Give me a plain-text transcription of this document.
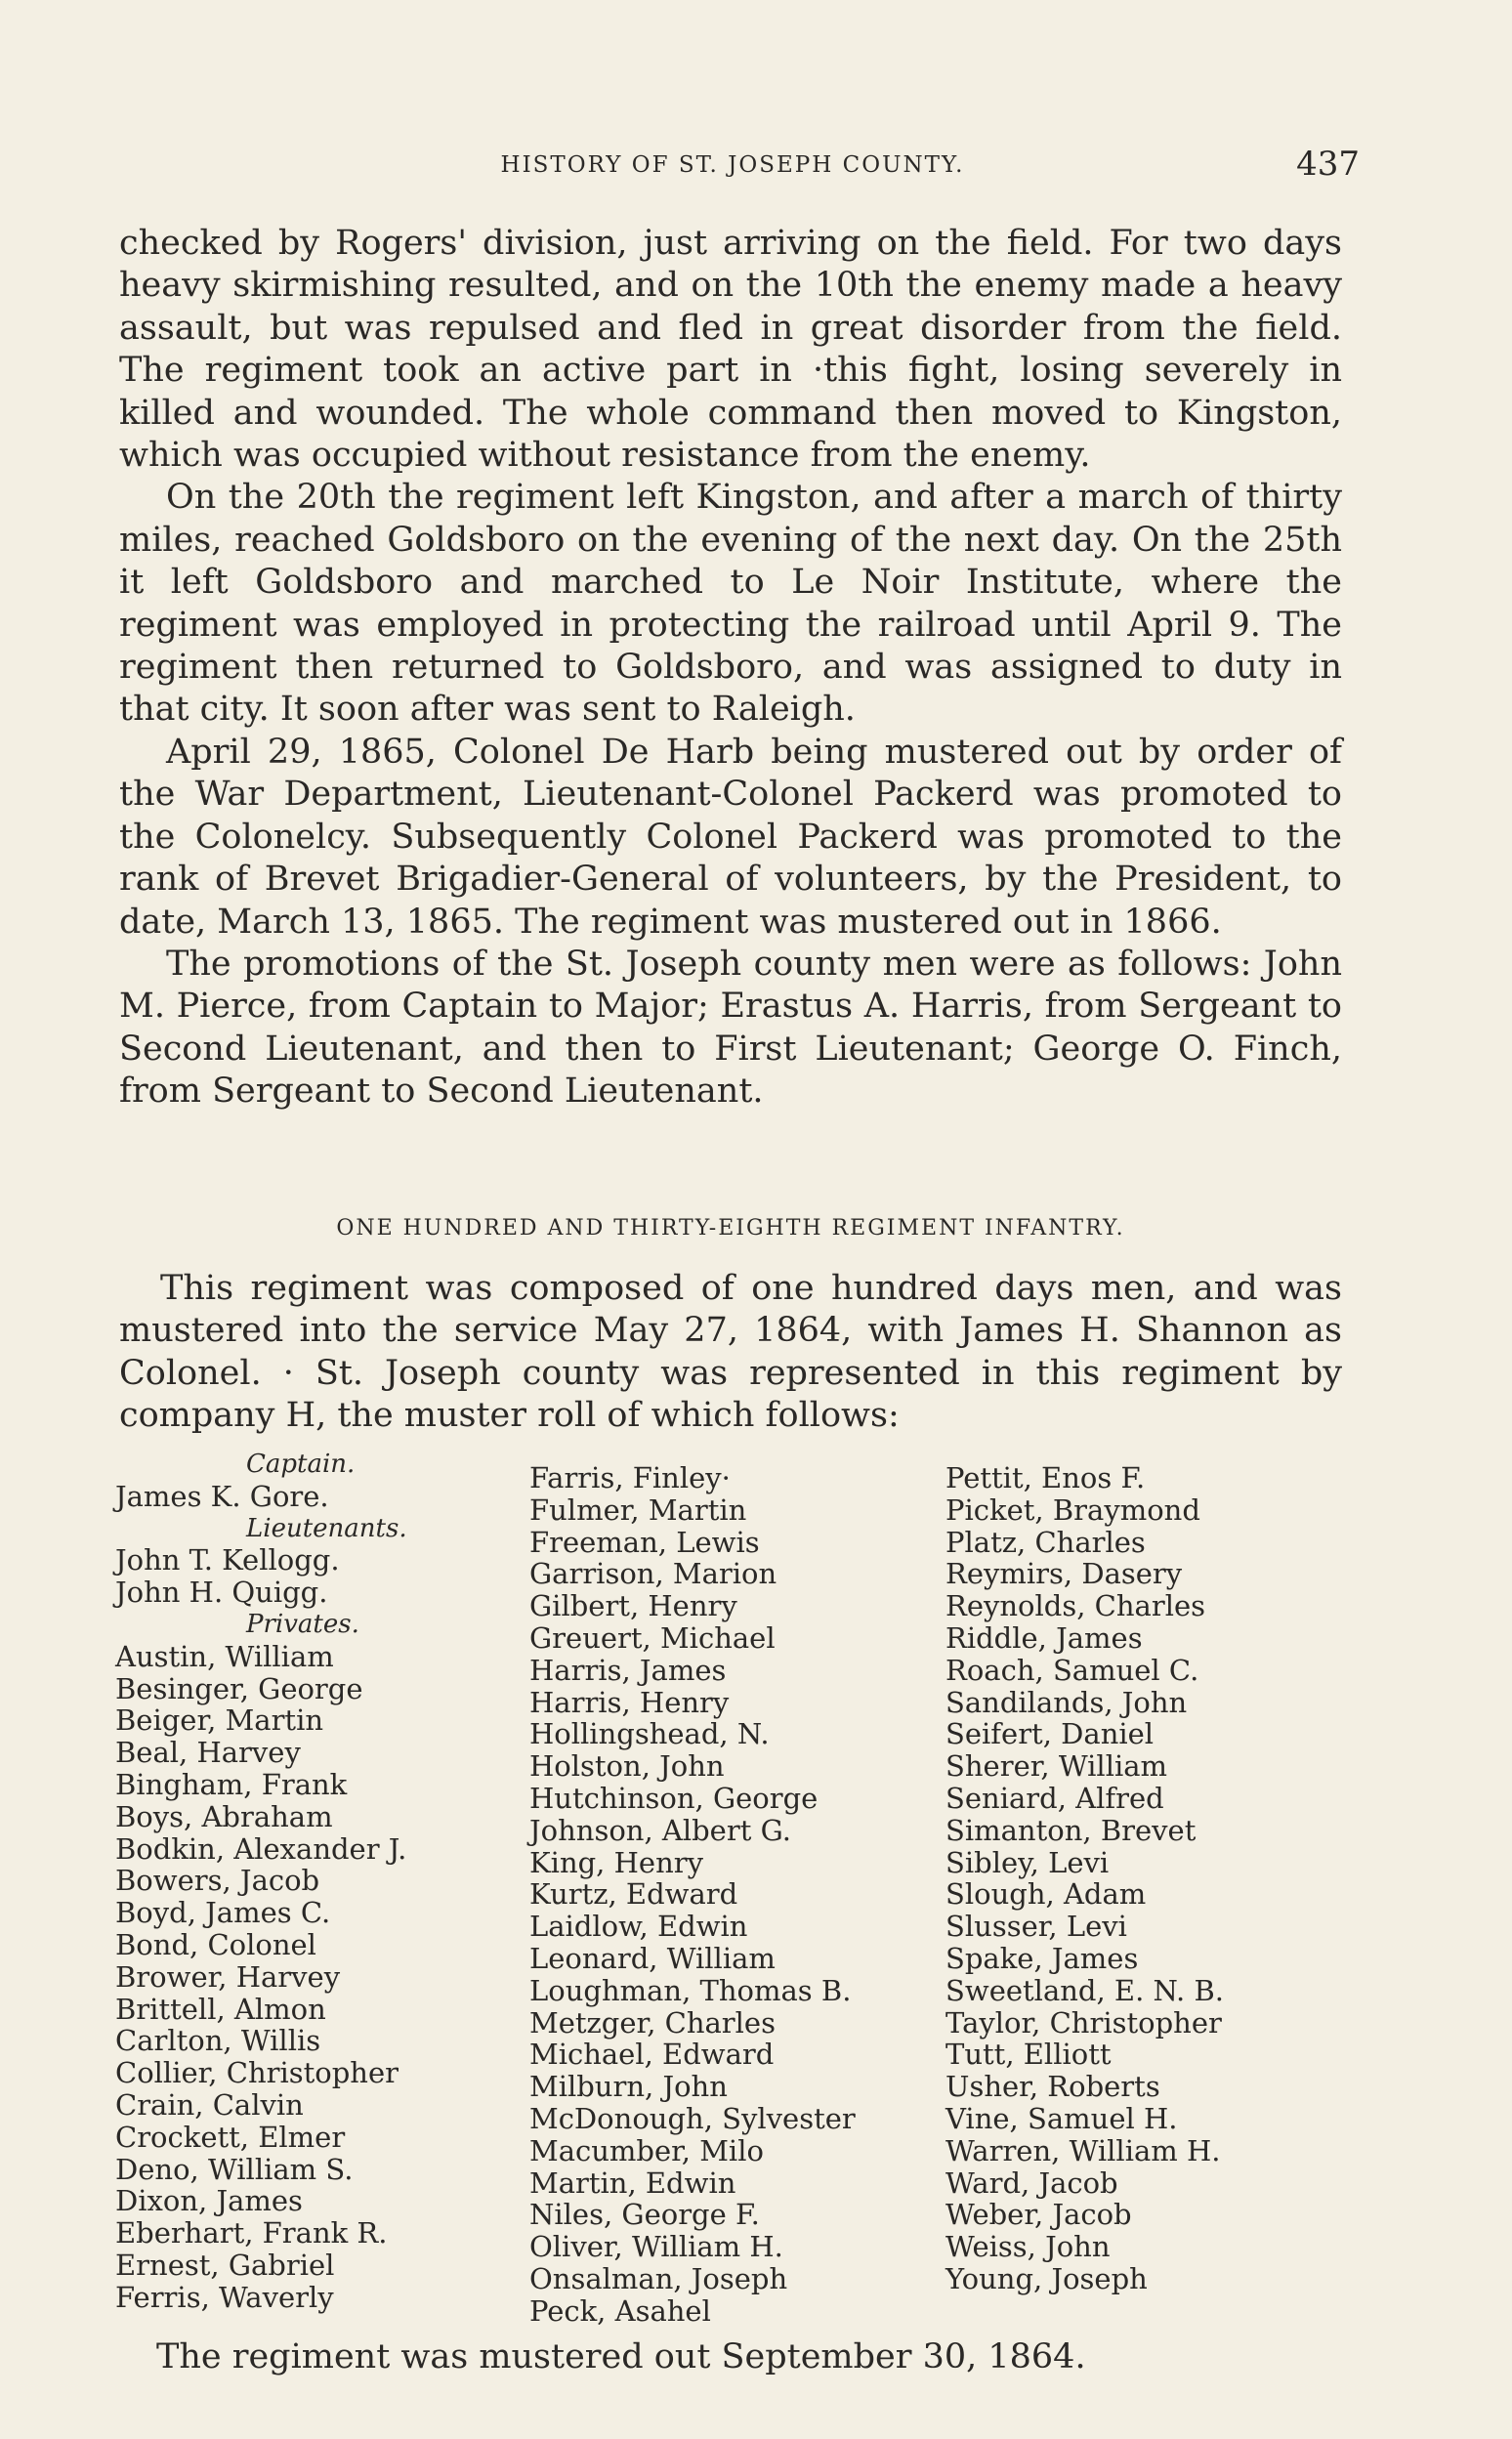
HISTORY OF ST. JOSEPH COUNTY.	437

checked by Rogers' division, just arriving on the field. For two days heavy skirmishing resulted, and on the 10th the enemy made a heavy assault, but was repulsed and fled in great disorder from the field. The regiment took an active part in ·this fight, losing severely in killed and wounded. The whole command then moved to Kingston, which was occupied without resistance from the enemy.

On the 20th the regiment left Kingston, and after a march of thirty miles, reached Goldsboro on the evening of the next day. On the 25th it left Goldsboro and marched to Le Noir Institute, where the regiment was employed in protecting the railroad until April 9. The regiment then returned to Goldsboro, and was assigned to duty in that city. It soon after was sent to Raleigh.

April 29, 1865, Colonel De Harb being mustered out by order of the War Department, Lieutenant-Colonel Packerd was promoted to the Colonelcy. Subsequently Colonel Packerd was promoted to the rank of Brevet Brigadier-General of volunteers, by the President, to date, March 13, 1865. The regiment was mustered out in 1866.

The promotions of the St. Joseph county men were as follows: John M. Pierce, from Captain to Major; Erastus A. Harris, from Sergeant to Second Lieutenant, and then to First Lieutenant; George O. Finch, from Sergeant to Second Lieutenant.

ONE HUNDRED AND THIRTY-EIGHTH REGIMENT INFANTRY.

This regiment was composed of one hundred days men, and was mustered into the service May 27, 1864, with James H. Shannon as Colonel. · St. Joseph county was represented in this regiment by company H, the muster roll of which follows:

Captain.
James K. Gore.
Lieutenants.
John T. Kellogg.
John H. Quigg.
Privates.
Austin, William
Besinger, George
Beiger, Martin
Beal, Harvey
Bingham, Frank
Boys, Abraham
Bodkin, Alexander J.
Bowers, Jacob
Boyd, James C.
Bond, Colonel
Brower, Harvey
Brittell, Almon
Carlton, Willis
Collier, Christopher
Crain, Calvin
Crockett, Elmer
Deno, William S.
Dixon, James
Eberhart, Frank R.
Ernest, Gabriel
Ferris, Waverly
Farris, Finley·
Fulmer, Martin
Freeman, Lewis
Garrison, Marion
Gilbert, Henry
Greuert, Michael
Harris, James
Harris, Henry
Hollingshead, N.
Holston, John
Hutchinson, George
Johnson, Albert G.
King, Henry
Kurtz, Edward
Laidlow, Edwin
Leonard, William
Loughman, Thomas B.
Metzger, Charles
Michael, Edward
Milburn, John
McDonough, Sylvester
Macumber, Milo
Martin, Edwin
Niles, George F.
Oliver, William H.
Onsalman, Joseph
Peck, Asahel
Pettit, Enos F.
Picket, Braymond
Platz, Charles
Reymirs, Dasery
Reynolds, Charles
Riddle, James
Roach, Samuel C.
Sandilands, John
Seifert, Daniel
Sherer, William
Seniard, Alfred
Simanton, Brevet
Sibley, Levi
Slough, Adam
Slusser, Levi
Spake, James
Sweetland, E. N. B.
Taylor, Christopher
Tutt, Elliott
Usher, Roberts
Vine, Samuel H.
Warren, William H.
Ward, Jacob
Weber, Jacob
Weiss, John
Young, Joseph
The regiment was mustered out September 30, 1864.
